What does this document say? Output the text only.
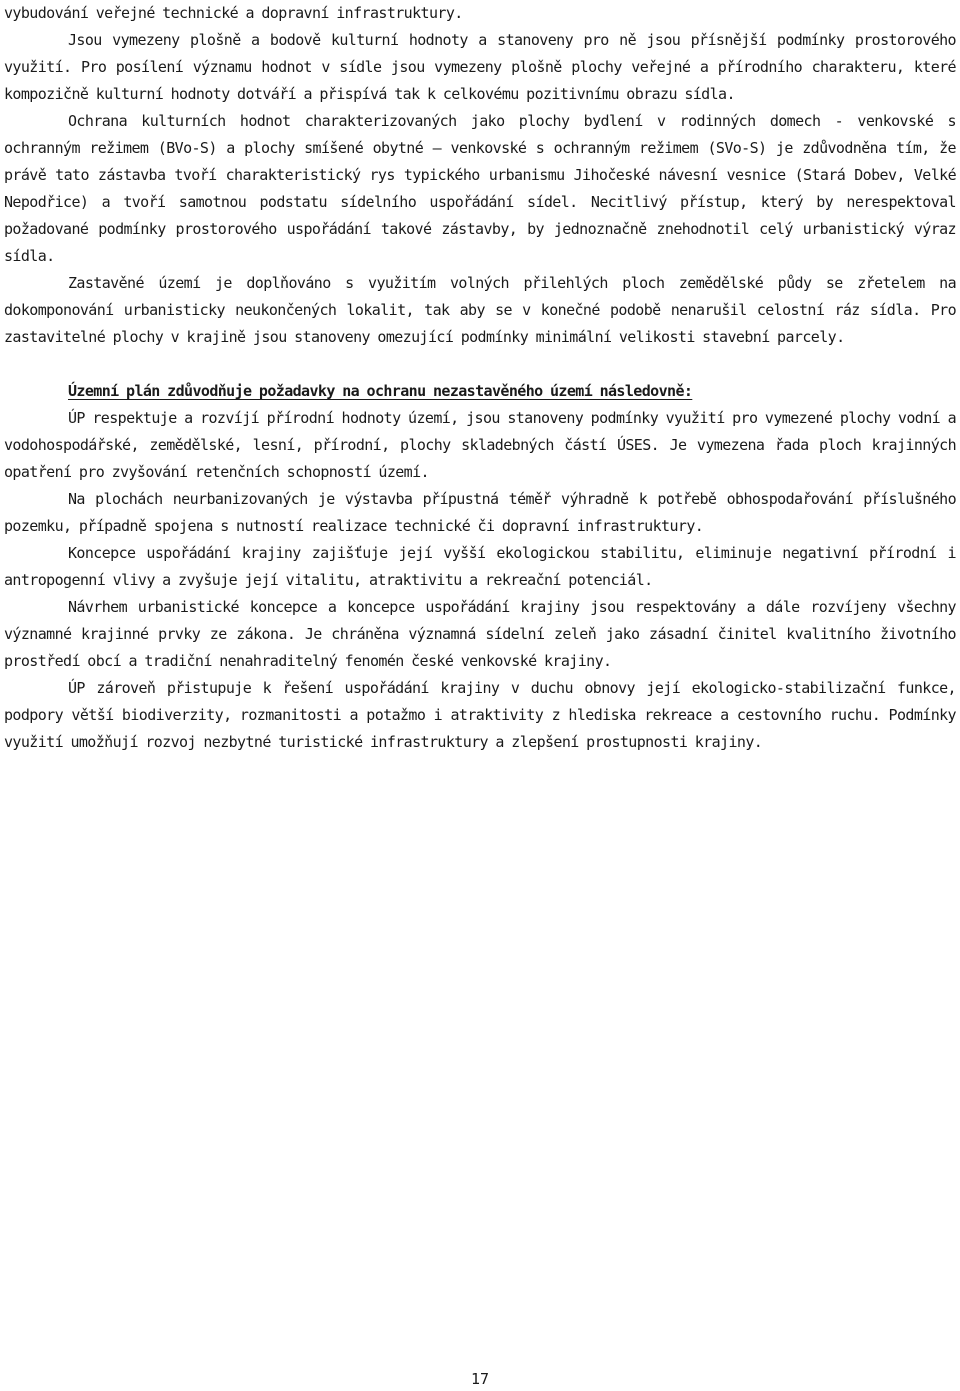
vybudování veřejné technické a dopravní infrastruktury.

Jsou vymezeny plošně a bodově kulturní hodnoty a stanoveny pro ně jsou přísnější podmínky prostorového využití. Pro posílení významu hodnot v sídle jsou vymezeny plošně plochy veřejné a přírodního charakteru, které kompozičně kulturní hodnoty dotváří a přispívá tak k celkovému pozitivnímu obrazu sídla.

Ochrana kulturních hodnot charakterizovaných jako plochy bydlení v rodinných domech - venkovské s ochranným režimem (BVo-S) a plochy smíšené obytné – venkovské s ochranným režimem (SVo-S) je zdůvodněna tím, že právě tato zástavba tvoří charakteristický rys typického urbanismu Jihočeské návesní vesnice (Stará Dobev, Velké Nepodřice) a tvoří samotnou podstatu sídelního uspořádání sídel. Necitlivý přístup, který by nerespektoval požadované podmínky prostorového uspořádání takové zástavby, by jednoznačně znehodnotil celý urbanistický výraz sídla.

Zastavěné území je doplňováno s využitím volných přilehlých ploch zemědělské půdy se zřetelem na dokomponování urbanisticky neukončených lokalit, tak aby se v konečné podobě nenarušil celostní ráz sídla. Pro zastavitelné plochy v krajině jsou stanoveny omezující podmínky minimální velikosti stavební parcely.

Územní plán zdůvodňuje požadavky na ochranu nezastavěného území následovně:

ÚP respektuje a rozvíjí přírodní hodnoty území, jsou stanoveny podmínky využití pro vymezené plochy vodní a vodohospodářské, zemědělské, lesní, přírodní, plochy skladebných částí ÚSES. Je vymezena řada ploch krajinných opatření pro zvyšování retenčních schopností území.

Na plochách neurbanizovaných je výstavba přípustná téměř výhradně k potřebě obhospodařování příslušného pozemku, případně spojena s nutností realizace technické či dopravní infrastruktury.

Koncepce uspořádání krajiny zajišťuje její vyšší ekologickou stabilitu, eliminuje negativní přírodní i antropogenní vlivy a zvyšuje její vitalitu, atraktivitu a rekreační potenciál.

Návrhem urbanistické koncepce a koncepce uspořádání krajiny jsou respektovány a dále rozvíjeny všechny významné krajinné prvky ze zákona. Je chráněna významná sídelní zeleň jako zásadní činitel kvalitního životního prostředí obcí a tradiční nenahraditelný fenomén české venkovské krajiny.

ÚP zároveň přistupuje k řešení uspořádání krajiny v duchu obnovy její ekologicko-stabilizační funkce, podpory větší biodiverzity, rozmanitosti a potažmo i atraktivity z hlediska rekreace a cestovního ruchu. Podmínky využití umožňují rozvoj nezbytné turistické infrastruktury a zlepšení prostupnosti krajiny.

17
